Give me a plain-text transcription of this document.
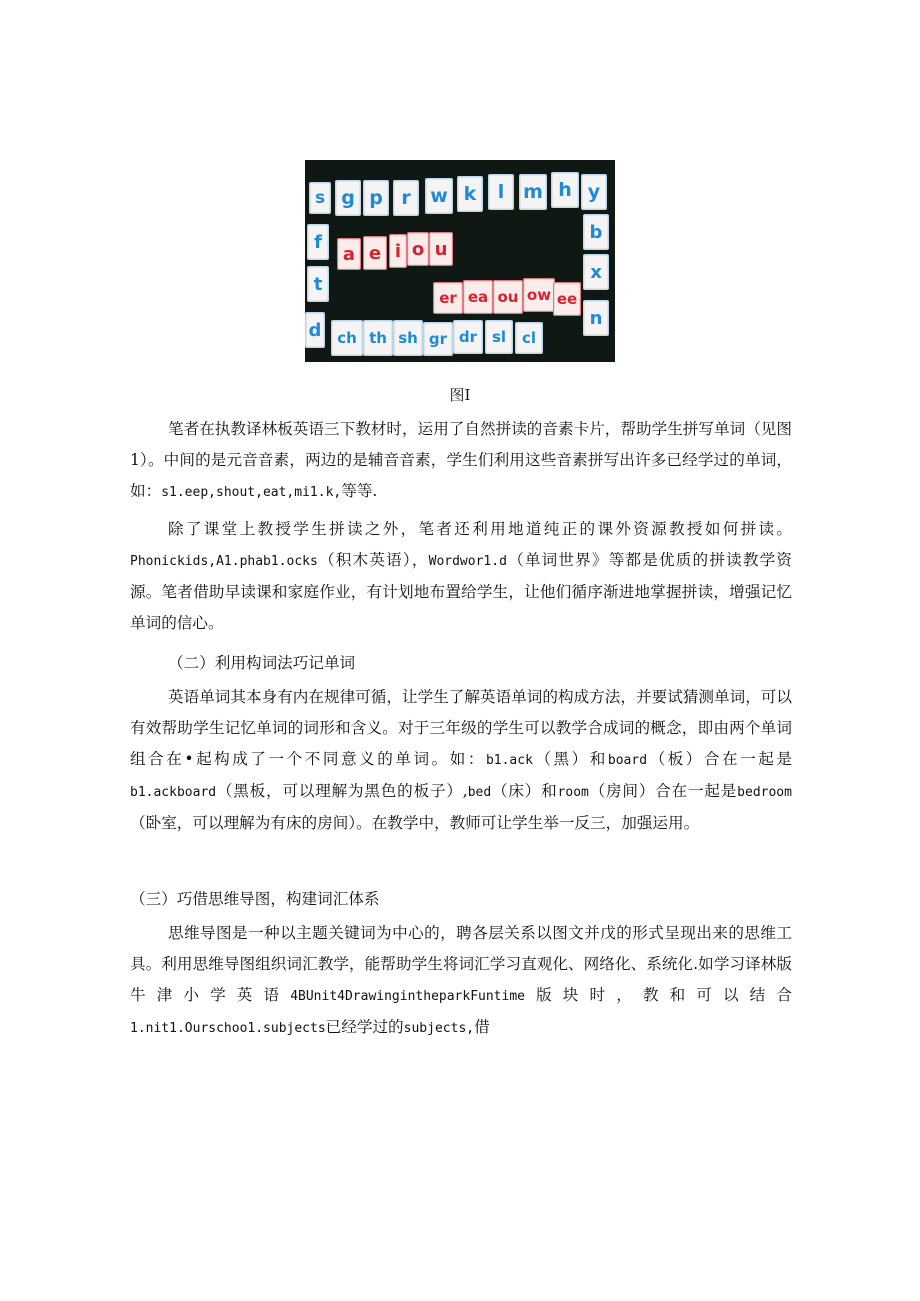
s g p r	w k	l m h y
f
t
d
b
x
n
a e i o u
er ea ou ow ee
ch th sh gr dr sl	cl
图I
笔者在执教译林板英语三下教材时，运用了自然拼读的音素卡片，帮助学生拼写单词（见图1）。中间的是元音音素，两边的是辅音音素，学生们利用这些音素拼写出许多已经学过的单词，如：s1.eep,shout,eat,mi1.k,等等.
除了课堂上教授学生拼读之外，笔者还利用地道纯正的课外资源教授如何拼读。Phonickids,A1.phab1.ocks（积木英语），Wordwor1.d（单词世界》等都是优质的拼读教学资源。笔者借助早读课和家庭作业，有计划地布置给学生，让他们循序渐进地掌握拼读，增强记忆单词的信心。
（二）利用构词法巧记单词
英语单词其本身有内在规律可循，让学生了解英语单词的构成方法，并要试猜测单词，可以有效帮助学生记忆单词的词形和含义。对于三年级的学生可以教学合成词的概念，即由两个单词组合在•起构成了一个不同意义的单词。如：b1.ack（黑）和board（板）合在一起是b1.ackboard（黑板，可以理解为黑色的板子）,bed（床）和room（房间）合在一起是bedroom（卧室，可以理解为有床的房间）。在教学中，教师可让学生举一反三，加强运用。
（三）巧借思维导图，构建词汇体系
思维导图是一种以主题关键词为中心的，聘各层关系以图文并戊的形式呈现出来的思维工具。利用思维导图组织词汇教学，能帮助学生将词汇学习直观化、网络化、系统化.如学习译林版牛津小学英语4BUnit4DrawingintheparkFuntime版块时，教和可以结合1.nit1.Ourschoo1.subjects已经学过的subjects,借
